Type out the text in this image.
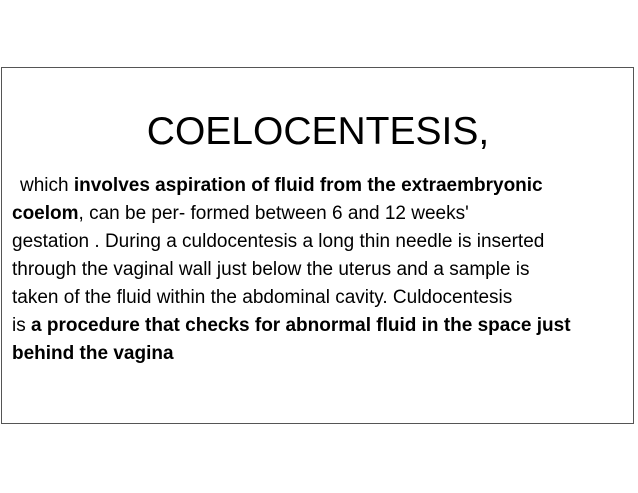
COELOCENTESIS,
which involves aspiration of fluid from the extraembryonic
coelom, can be per- formed between 6 and 12 weeks'
gestation . During a culdocentesis a long thin needle is inserted
through the vaginal wall just below the uterus and a sample is
taken of the fluid within the abdominal cavity. Culdocentesis
is a procedure that checks for abnormal fluid in the space just
behind the vagina
